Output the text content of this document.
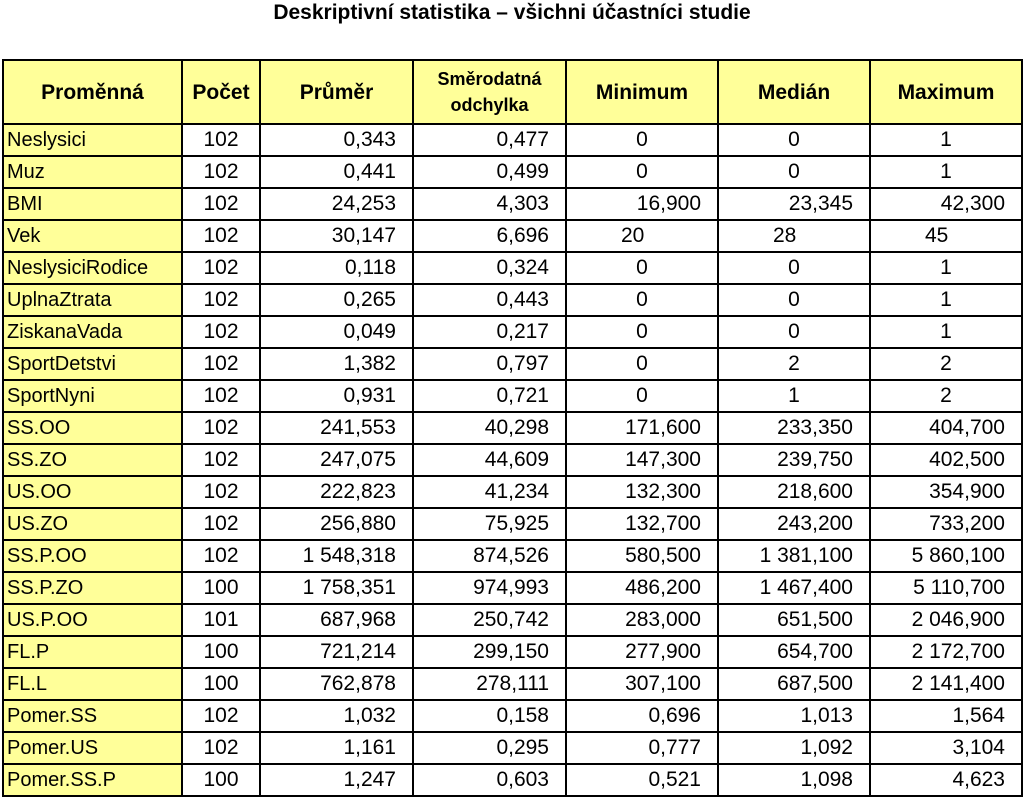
Deskriptivní statistika – všichni účastníci studie
Proměnná	Počet	Průměr	Směrodatná odchylka	Minimum	Medián	Maximum
Neslysici	102	0,343	0,477	0	0	1
Muz	102	0,441	0,499	0	0	1
BMI	102	24,253	4,303	16,900	23,345	42,300
Vek	102	30,147	6,696	20	28	45
NeslysiciRodice	102	0,118	0,324	0	0	1
UplnaZtrata	102	0,265	0,443	0	0	1
ZiskanaVada	102	0,049	0,217	0	0	1
SportDetstvi	102	1,382	0,797	0	2	2
SportNyni	102	0,931	0,721	0	1	2
SS.OO	102	241,553	40,298	171,600	233,350	404,700
SS.ZO	102	247,075	44,609	147,300	239,750	402,500
US.OO	102	222,823	41,234	132,300	218,600	354,900
US.ZO	102	256,880	75,925	132,700	243,200	733,200
SS.P.OO	102	1 548,318	874,526	580,500	1 381,100	5 860,100
SS.P.ZO	100	1 758,351	974,993	486,200	1 467,400	5 110,700
US.P.OO	101	687,968	250,742	283,000	651,500	2 046,900
FL.P	100	721,214	299,150	277,900	654,700	2 172,700
FL.L	100	762,878	278,111	307,100	687,500	2 141,400
Pomer.SS	102	1,032	0,158	0,696	1,013	1,564
Pomer.US	102	1,161	0,295	0,777	1,092	3,104
Pomer.SS.P	100	1,247	0,603	0,521	1,098	4,623
